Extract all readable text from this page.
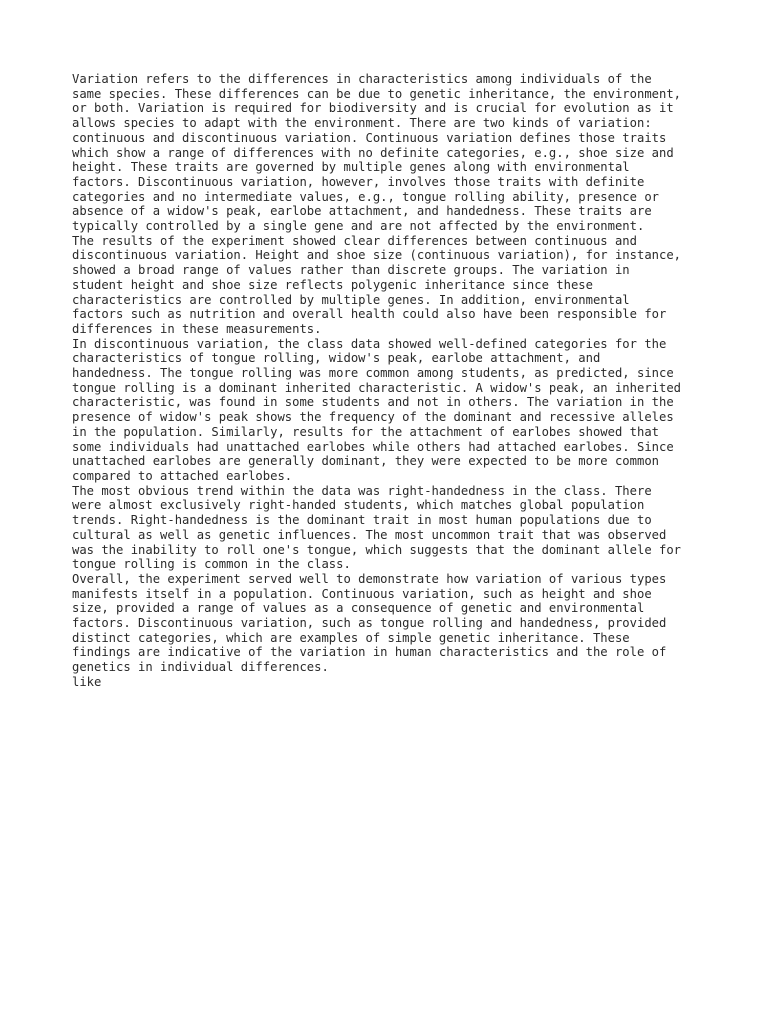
Variation refers to the differences in characteristics among individuals of the
same species. These differences can be due to genetic inheritance, the environment,
or both. Variation is required for biodiversity and is crucial for evolution as it
allows species to adapt with the environment. There are two kinds of variation:
continuous and discontinuous variation. Continuous variation defines those traits
which show a range of differences with no definite categories, e.g., shoe size and
height. These traits are governed by multiple genes along with environmental
factors. Discontinuous variation, however, involves those traits with definite
categories and no intermediate values, e.g., tongue rolling ability, presence or
absence of a widow's peak, earlobe attachment, and handedness. These traits are
typically controlled by a single gene and are not affected by the environment.

The results of the experiment showed clear differences between continuous and
discontinuous variation. Height and shoe size (continuous variation), for instance,
showed a broad range of values rather than discrete groups. The variation in
student height and shoe size reflects polygenic inheritance since these
characteristics are controlled by multiple genes. In addition, environmental
factors such as nutrition and overall health could also have been responsible for
differences in these measurements.

In discontinuous variation, the class data showed well-defined categories for the
characteristics of tongue rolling, widow's peak, earlobe attachment, and
handedness. The tongue rolling was more common among students, as predicted, since
tongue rolling is a dominant inherited characteristic. A widow's peak, an inherited
characteristic, was found in some students and not in others. The variation in the
presence of widow's peak shows the frequency of the dominant and recessive alleles
in the population. Similarly, results for the attachment of earlobes showed that
some individuals had unattached earlobes while others had attached earlobes. Since
unattached earlobes are generally dominant, they were expected to be more common
compared to attached earlobes.

The most obvious trend within the data was right-handedness in the class. There
were almost exclusively right-handed students, which matches global population
trends. Right-handedness is the dominant trait in most human populations due to
cultural as well as genetic influences. The most uncommon trait that was observed
was the inability to roll one's tongue, which suggests that the dominant allele for
tongue rolling is common in the class.

Overall, the experiment served well to demonstrate how variation of various types
manifests itself in a population. Continuous variation, such as height and shoe
size, provided a range of values as a consequence of genetic and environmental
factors. Discontinuous variation, such as tongue rolling and handedness, provided
distinct categories, which are examples of simple genetic inheritance. These
findings are indicative of the variation in human characteristics and the role of
genetics in individual differences.

like
